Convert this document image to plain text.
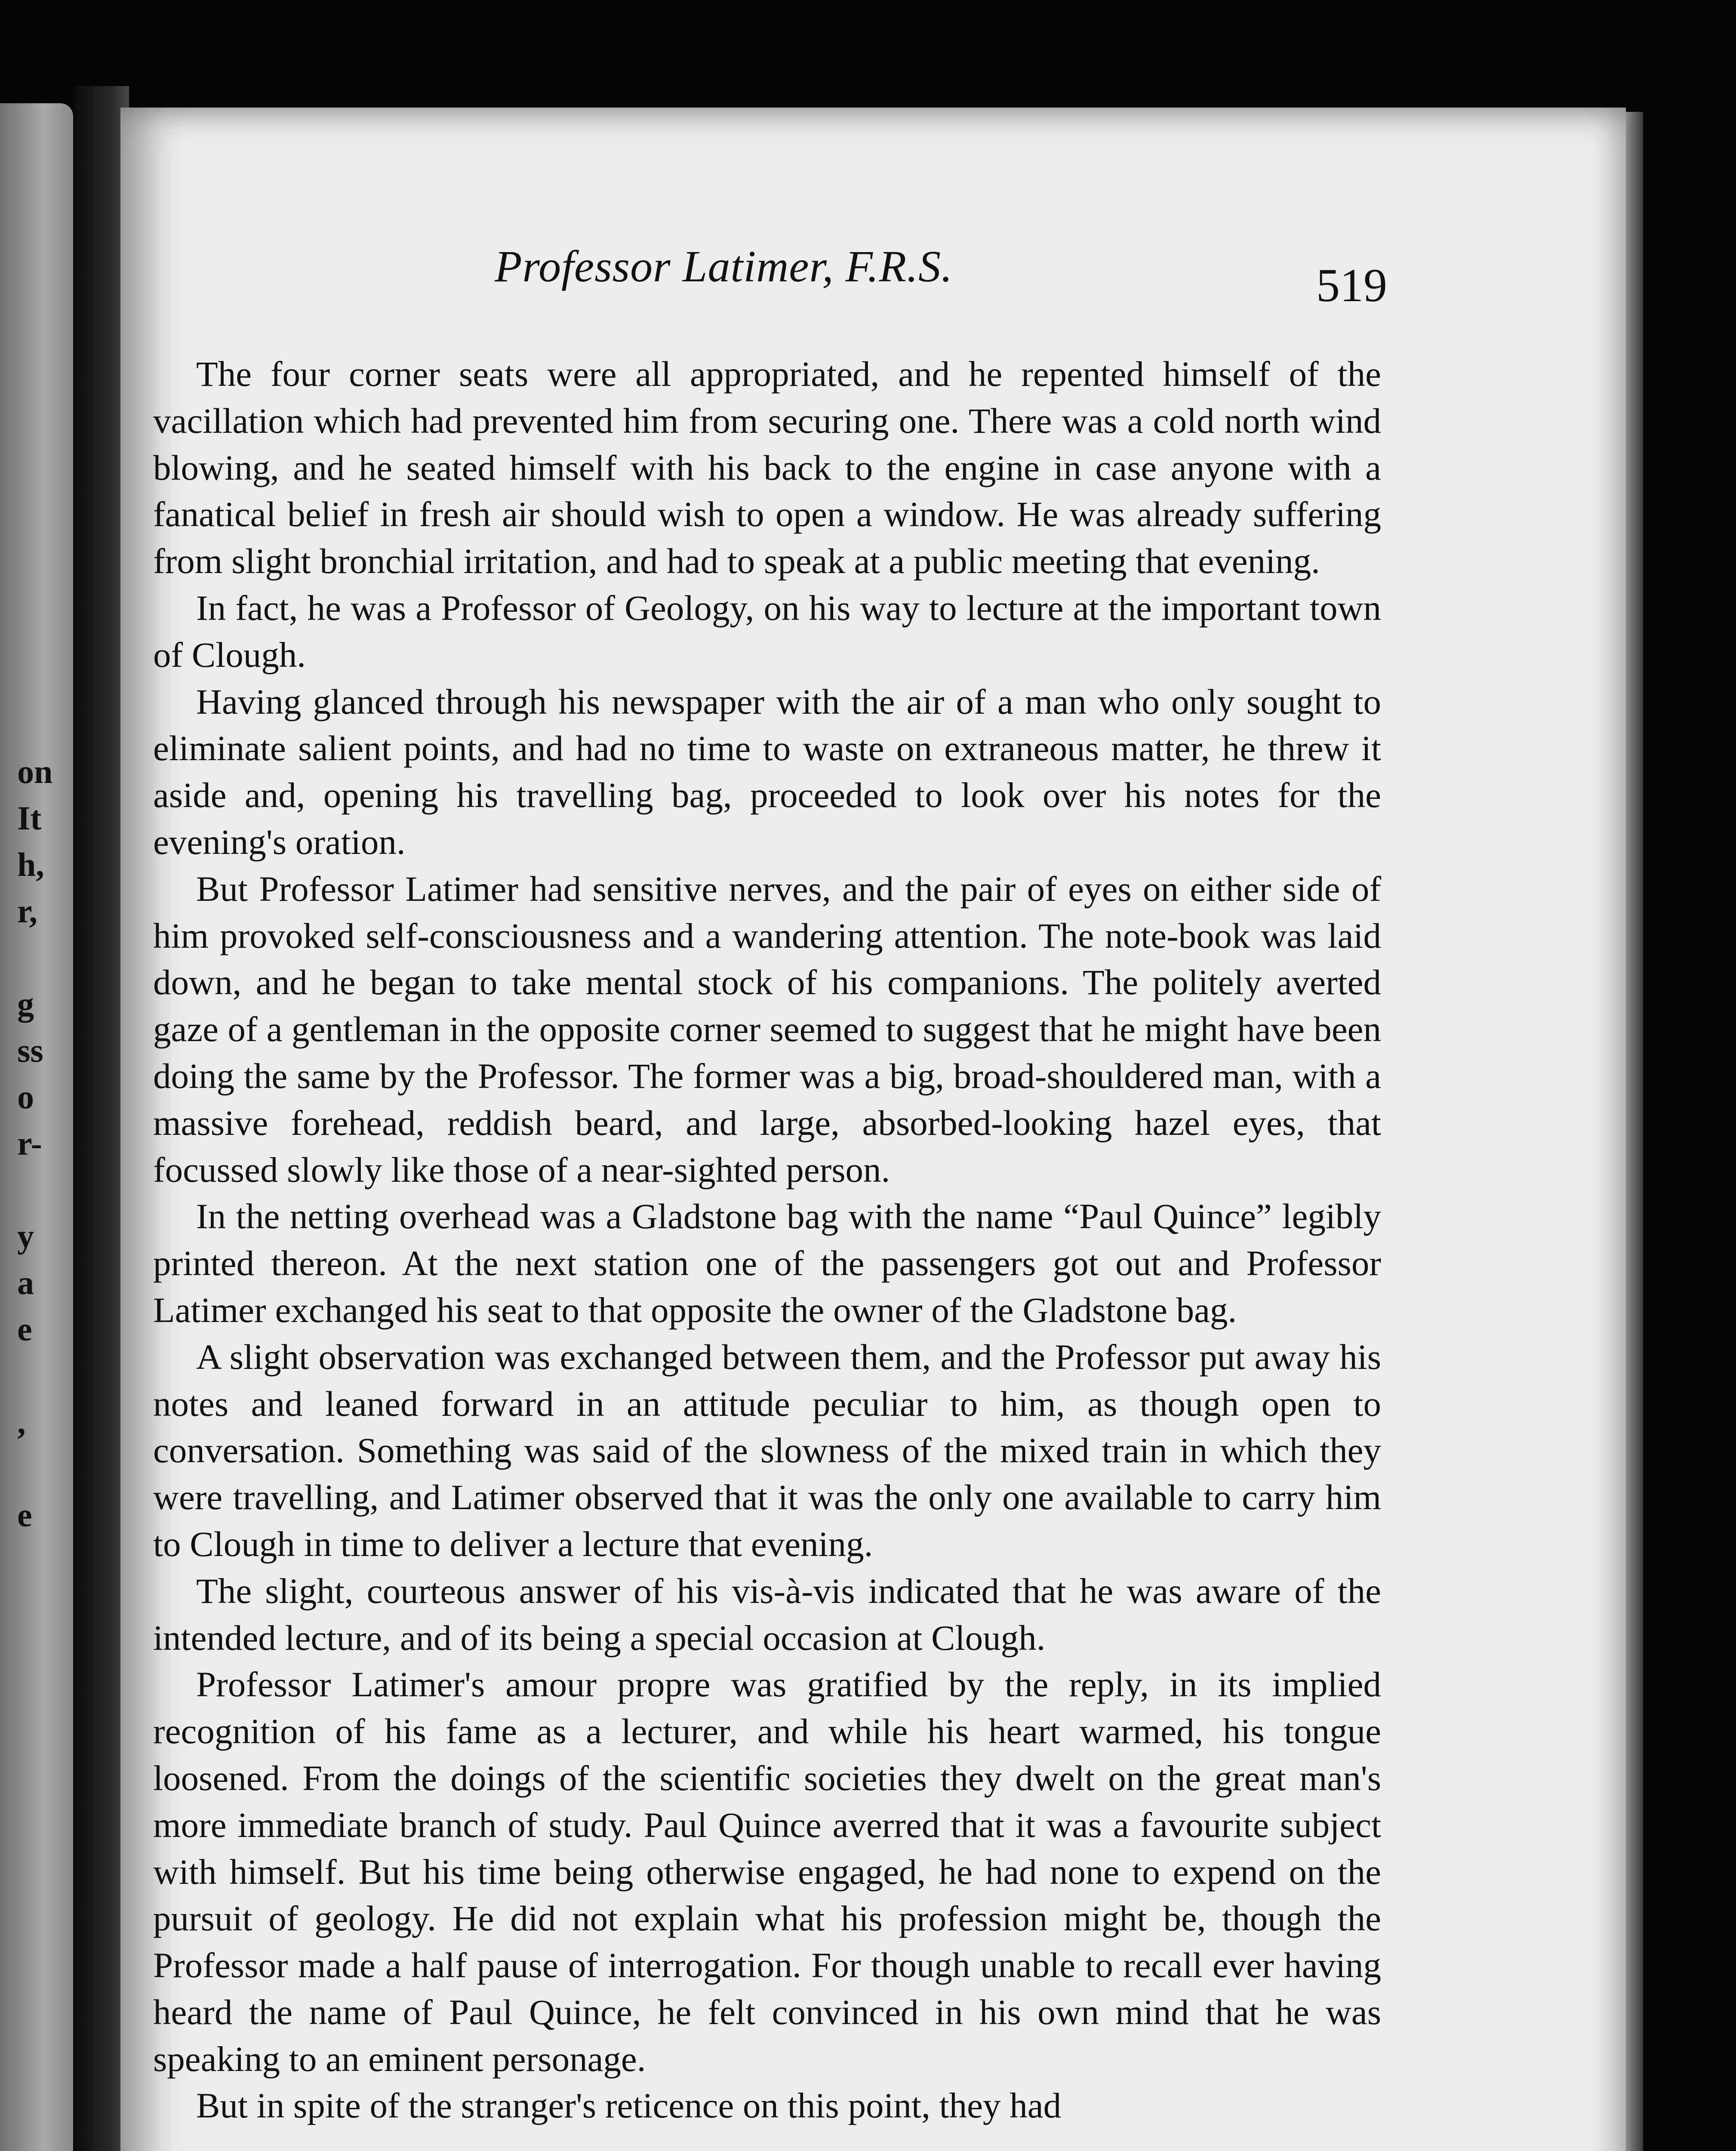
on
It
h,
r,
g
ss
o
r-
y
a
e
,
e
Professor Latimer, F.R.S.	519

The four corner seats were all appropriated, and he repented himself of the vacillation which had prevented him from securing one. There was a cold north wind blowing, and he seated himself with his back to the engine in case anyone with a fanatical belief in fresh air should wish to open a window. He was already suffering from slight bronchial irritation, and had to speak at a public meeting that evening.

In fact, he was a Professor of Geology, on his way to lecture at the important town of Clough.

Having glanced through his newspaper with the air of a man who only sought to eliminate salient points, and had no time to waste on extraneous matter, he threw it aside and, opening his travelling bag, proceeded to look over his notes for the evening's oration.

But Professor Latimer had sensitive nerves, and the pair of eyes on either side of him provoked self-consciousness and a wandering attention. The note-book was laid down, and he began to take mental stock of his companions. The politely averted gaze of a gentleman in the opposite corner seemed to suggest that he might have been doing the same by the Professor. The former was a big, broad-shouldered man, with a massive forehead, reddish beard, and large, absorbed-looking hazel eyes, that focussed slowly like those of a near-sighted person.

In the netting overhead was a Gladstone bag with the name “Paul Quince” legibly printed thereon. At the next station one of the passengers got out and Professor Latimer exchanged his seat to that opposite the owner of the Gladstone bag.

A slight observation was exchanged between them, and the Professor put away his notes and leaned forward in an attitude peculiar to him, as though open to conversation. Something was said of the slowness of the mixed train in which they were travelling, and Latimer observed that it was the only one available to carry him to Clough in time to deliver a lecture that evening.

The slight, courteous answer of his vis-à-vis indicated that he was aware of the intended lecture, and of its being a special occasion at Clough.

Professor Latimer's amour propre was gratified by the reply, in its implied recognition of his fame as a lecturer, and while his heart warmed, his tongue loosened. From the doings of the scientific societies they dwelt on the great man's more immediate branch of study. Paul Quince averred that it was a favourite subject with himself. But his time being otherwise engaged, he had none to expend on the pursuit of geology. He did not explain what his profession might be, though the Professor made a half pause of interrogation. For though unable to recall ever having heard the name of Paul Quince, he felt convinced in his own mind that he was speaking to an eminent personage.

But in spite of the stranger's reticence on this point, they had
